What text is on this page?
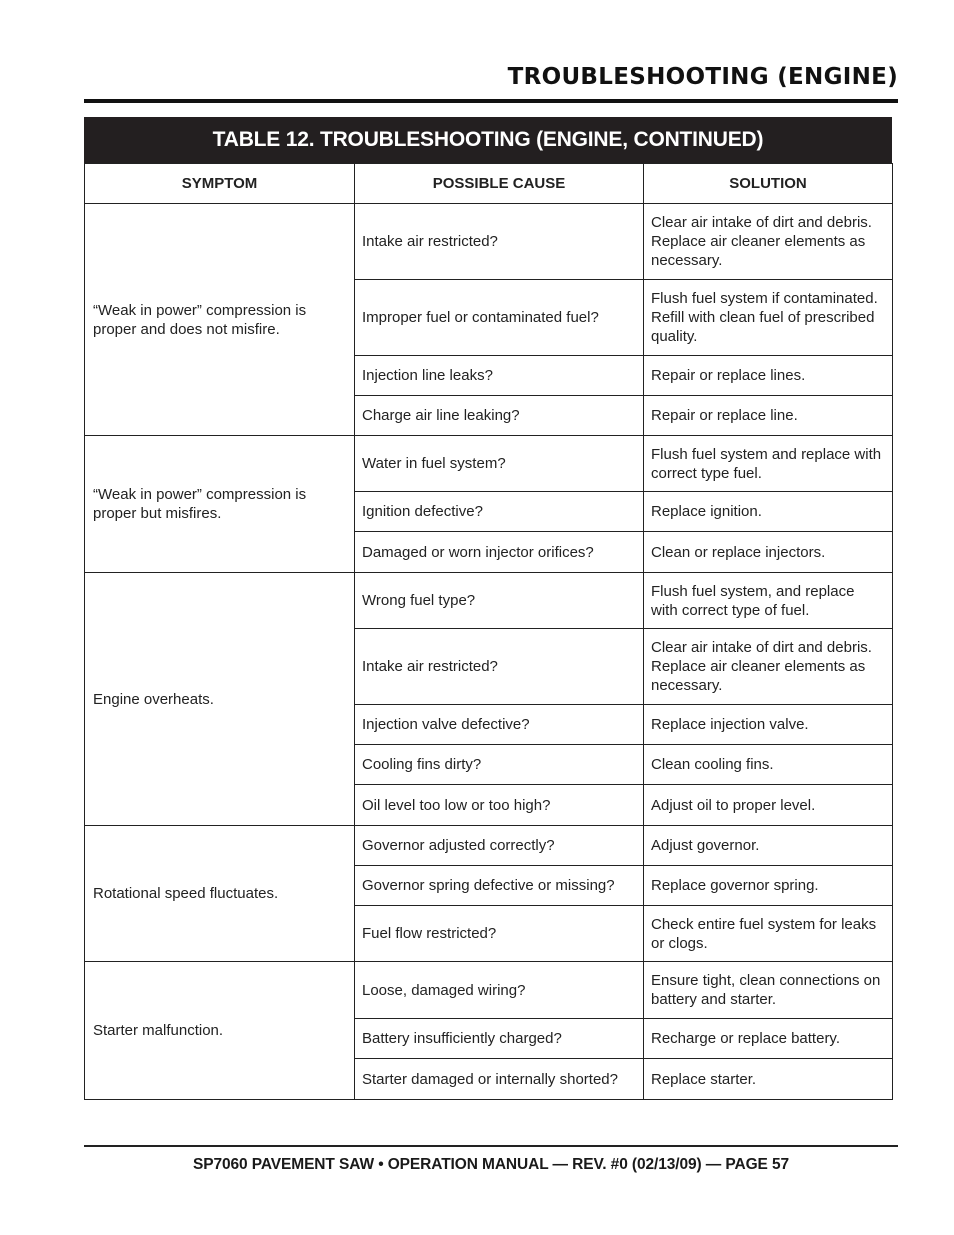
TROUBLESHOOTING (ENGINE)
TABLE 12. TROUBLESHOOTING (ENGINE, CONTINUED)
SYMPTOM	POSSIBLE CAUSE	SOLUTION
“Weak in power” compression is proper and does not misfire.	Intake air restricted?	Clear air intake of dirt and debris. Replace air cleaner elements as necessary.
	Improper fuel or contaminated fuel?	Flush fuel system if contaminated. Refill with clean fuel of prescribed quality.
	Injection line leaks?	Repair or replace lines.
	Charge air line leaking?	Repair or replace line.
“Weak in power” compression is proper but misfires.	Water in fuel system?	Flush fuel system and replace with correct type fuel.
	Ignition defective?	Replace ignition.
	Damaged or worn injector orifices?	Clean or replace injectors.
Engine overheats.	Wrong fuel type?	Flush fuel system, and replace with correct type of fuel.
	Intake air restricted?	Clear air intake of dirt and debris. Replace air cleaner elements as necessary.
	Injection valve defective?	Replace injection valve.
	Cooling fins dirty?	Clean cooling fins.
	Oil level too low or too high?	Adjust oil to proper level.
Rotational speed fluctuates.	Governor adjusted correctly?	Adjust governor.
	Governor spring defective or missing?	Replace governor spring.
	Fuel flow restricted?	Check entire fuel system for leaks or clogs.
Starter malfunction.	Loose, damaged wiring?	Ensure tight, clean connections on battery and starter.
	Battery insufficiently charged?	Recharge or replace battery.
	Starter damaged or internally shorted?	Replace starter.
SP7060 PAVEMENT SAW • OPERATION MANUAL — REV. #0 (02/13/09) — PAGE 57
